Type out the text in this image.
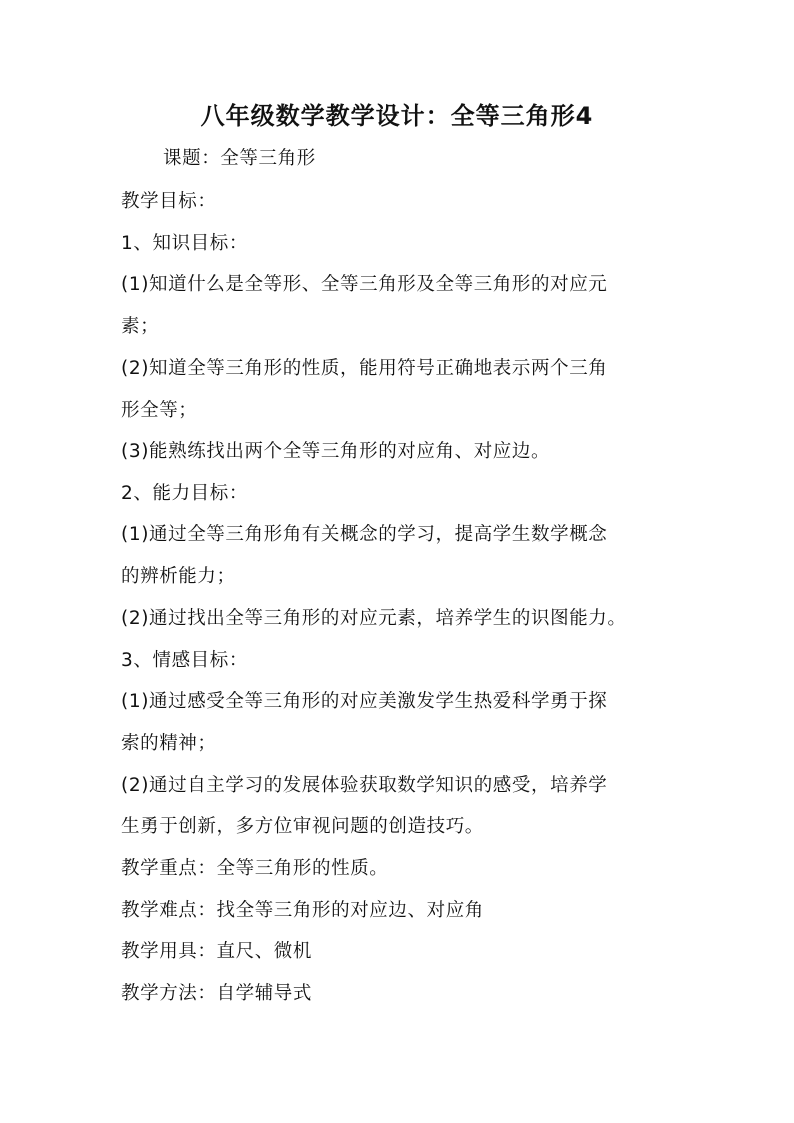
八年级数学教学设计：全等三角形4
课题：全等三角形
教学目标：
1、知识目标：
(1)知道什么是全等形、全等三角形及全等三角形的对应元
素；
(2)知道全等三角形的性质，能用符号正确地表示两个三角
形全等；
(3)能熟练找出两个全等三角形的对应角、对应边。
2、能力目标：
(1)通过全等三角形角有关概念的学习，提高学生数学概念
的辨析能力；
(2)通过找出全等三角形的对应元素，培养学生的识图能力。
3、情感目标：
(1)通过感受全等三角形的对应美激发学生热爱科学勇于探
索的精神；
(2)通过自主学习的发展体验获取数学知识的感受，培养学
生勇于创新，多方位审视问题的创造技巧。
教学重点：全等三角形的性质。
教学难点：找全等三角形的对应边、对应角
教学用具：直尺、微机
教学方法：自学辅导式
